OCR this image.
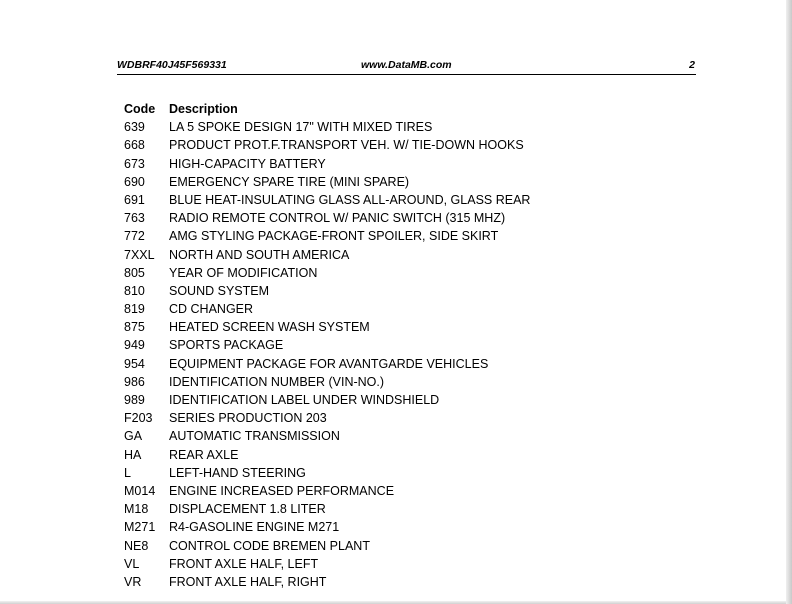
WDBRF40J45F569331	www.DataMB.com	2
Code Description
639 LA 5 SPOKE DESIGN 17" WITH MIXED TIRES
668 PRODUCT PROT.F.TRANSPORT VEH. W/ TIE-DOWN HOOKS
673 HIGH-CAPACITY BATTERY
690 EMERGENCY SPARE TIRE (MINI SPARE)
691 BLUE HEAT-INSULATING GLASS ALL-AROUND, GLASS REAR
763 RADIO REMOTE CONTROL W/ PANIC SWITCH (315 MHZ)
772 AMG STYLING PACKAGE-FRONT SPOILER, SIDE SKIRT
7XXL NORTH AND SOUTH AMERICA
805 YEAR OF MODIFICATION
810 SOUND SYSTEM
819 CD CHANGER
875 HEATED SCREEN WASH SYSTEM
949 SPORTS PACKAGE
954 EQUIPMENT PACKAGE FOR AVANTGARDE VEHICLES
986 IDENTIFICATION NUMBER (VIN-NO.)
989 IDENTIFICATION LABEL UNDER WINDSHIELD
F203 SERIES PRODUCTION 203
GA AUTOMATIC TRANSMISSION
HA REAR AXLE
L	LEFT-HAND STEERING
M014 ENGINE INCREASED PERFORMANCE
M18 DISPLACEMENT 1.8 LITER
M271 R4-GASOLINE ENGINE M271
NE8 CONTROL CODE BREMEN PLANT
VL FRONT AXLE HALF, LEFT
VR FRONT AXLE HALF, RIGHT
